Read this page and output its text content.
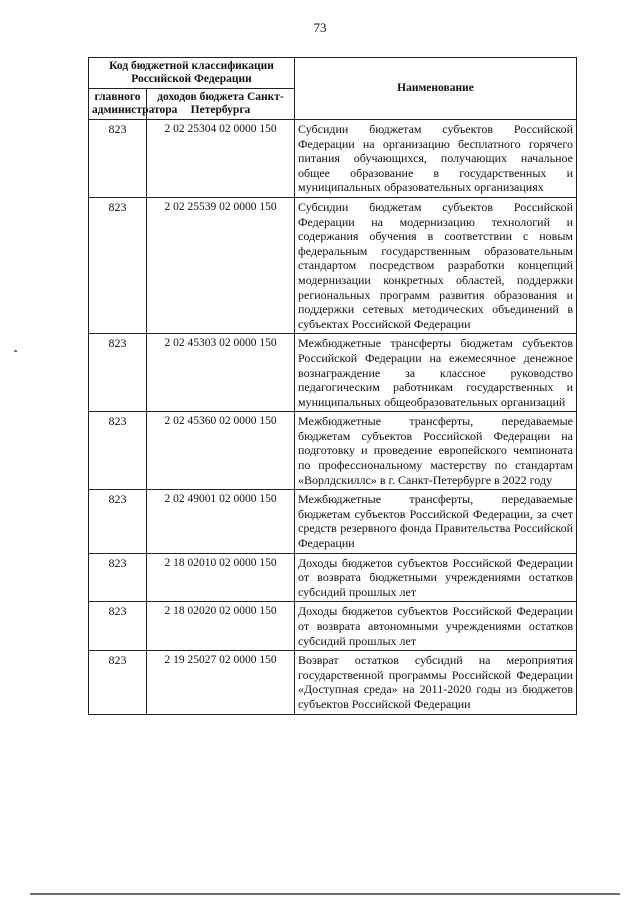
73
Код бюджетной классификации Российской Федерации		Наименование
главного администратора	доходов бюджета Санкт-Петербурга	
823	2 02 25304 02 0000 150	Субсидии бюджетам субъектов Российской Федерации на организацию бесплатного горячего питания обучающихся, получающих начальное общее образование в государственных и муниципальных образовательных организациях
823	2 02 25539 02 0000 150	Субсидии бюджетам субъектов Российской Федерации на модернизацию технологий и содержания обучения в соответствии с новым федеральным государственным образовательным стандартом посредством разработки концепций модернизации конкретных областей, поддержки региональных программ развития образования и поддержки сетевых методических объединений в субъектах Российской Федерации
823	2 02 45303 02 0000 150	Межбюджетные трансферты бюджетам субъектов Российской Федерации на ежемесячное денежное вознаграждение за классное руководство педагогическим работникам государственных и муниципальных общеобразовательных организаций
823	2 02 45360 02 0000 150	Межбюджетные трансферты, передаваемые бюджетам субъектов Российской Федерации на подготовку и проведение европейского чемпионата по профессиональному мастерству по стандартам «Ворлдскиллс» в г. Санкт-Петербурге в 2022 году
823	2 02 49001 02 0000 150	Межбюджетные трансферты, передаваемые бюджетам субъектов Российской Федерации, за счет средств резервного фонда Правительства Российской Федерации
823	2 18 02010 02 0000 150	Доходы бюджетов субъектов Российской Федерации от возврата бюджетными учреждениями остатков субсидий прошлых лет
823	2 18 02020 02 0000 150	Доходы бюджетов субъектов Российской Федерации от возврата автономными учреждениями остатков субсидий прошлых лет
823	2 19 25027 02 0000 150	Возврат остатков субсидий на мероприятия государственной программы Российской Федерации «Доступная среда» на 2011-2020 годы из бюджетов субъектов Российской Федерации
